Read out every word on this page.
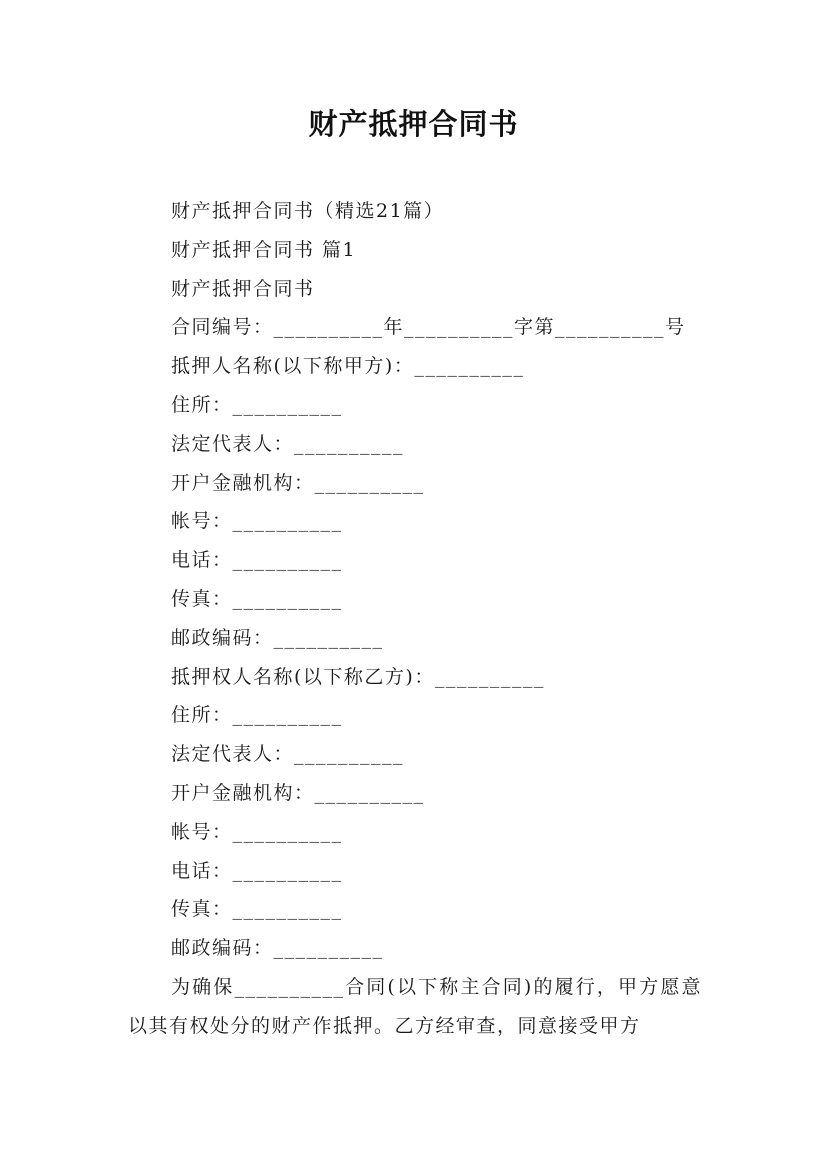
财产抵押合同书
财产抵押合同书（精选21篇）
财产抵押合同书 篇1
财产抵押合同书
合同编号：__________年__________字第__________号
抵押人名称(以下称甲方)：__________
住所：__________
法定代表人：__________
开户金融机构：__________
帐号：__________
电话：__________
传真：__________
邮政编码：__________
抵押权人名称(以下称乙方)：__________
住所：__________
法定代表人：__________
开户金融机构：__________
帐号：__________
电话：__________
传真：__________
邮政编码：__________

为确保__________合同(以下称主合同)的履行，甲方愿意以其有权处分的财产作抵押。乙方经审查，同意接受甲方
